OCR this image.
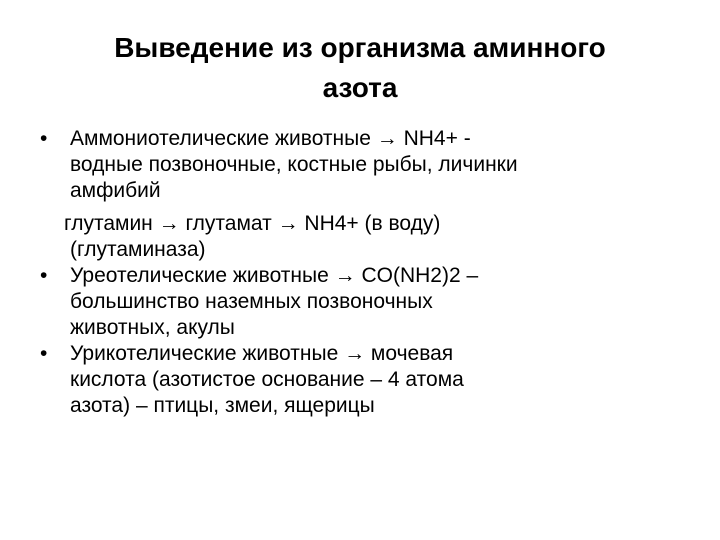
Выведение из организма аминного
азота
• Аммониотелические животные → NH4+ -
водные позвоночные, костные рыбы, личинки
амфибий
глутамин → глутамат → NH4+ (в воду)
(глутаминаза)
• Уреотелические животные → CO(NH2)2 –
большинство наземных позвоночных
животных, акулы
• Урикотелические животные → мочевая
кислота (азотистое основание – 4 атома
азота) – птицы, змеи, ящерицы
